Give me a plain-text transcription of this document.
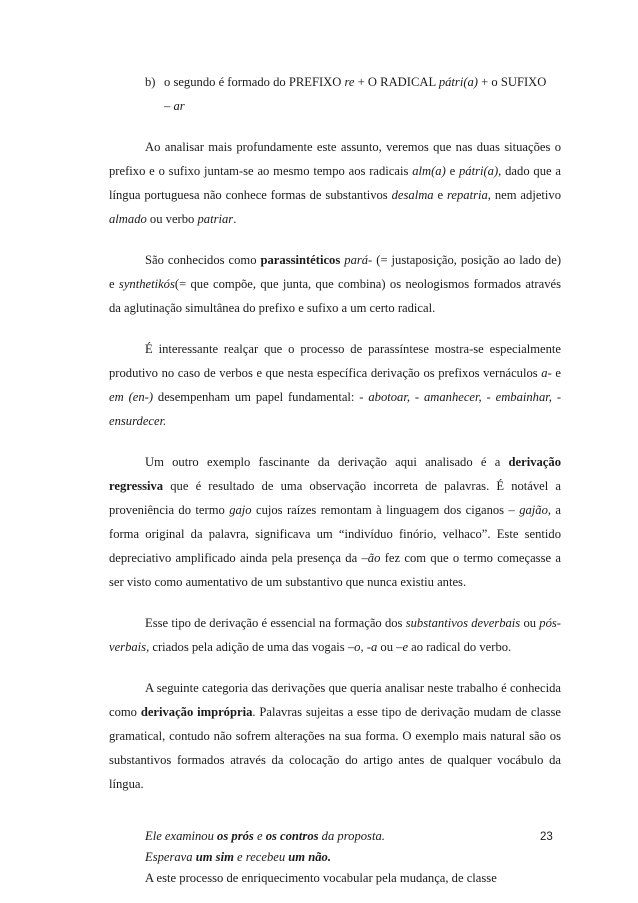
b) o segundo é formado do PREFIXO re + O RADICAL pátri(a) + o SUFIXO
– ar

Ao analisar mais profundamente este assunto, veremos que nas duas situações o prefixo e o sufixo juntam-se ao mesmo tempo aos radicais alm(a) e pátri(a), dado que a língua portuguesa não conhece formas de substantivos desalma e repatria, nem adjetivo almado ou verbo patriar.

São conhecidos como parassintéticos pará- (= justaposição, posição ao lado de) e synthetikós(= que compõe, que junta, que combina) os neologismos formados através da aglutinação simultânea do prefixo e sufixo a um certo radical.

É interessante realçar que o processo de parassíntese mostra-se especialmente produtivo no caso de verbos e que nesta específica derivação os prefixos vernáculos a- e em (en-) desempenham um papel fundamental: - abotoar, - amanhecer, - embainhar, - ensurdecer.

Um outro exemplo fascinante da derivação aqui analisado é a derivação regressiva que é resultado de uma observação incorreta de palavras. É notável a proveniência do termo gajo cujos raízes remontam à linguagem dos ciganos – gajão, a forma original da palavra, significava um “indivíduo finório, velhaco”. Este sentido depreciativo amplificado ainda pela presença da –ão fez com que o termo começasse a ser visto como aumentativo de um substantivo que nunca existiu antes.

Esse tipo de derivação é essencial na formação dos substantivos deverbais ou pós-verbais, criados pela adição de uma das vogais –o, -a ou –e ao radical do verbo.

A seguinte categoria das derivações que queria analisar neste trabalho é conhecida como derivação imprópria. Palavras sujeitas a esse tipo de derivação mudam de classe gramatical, contudo não sofrem alterações na sua forma. O exemplo mais natural são os substantivos formados através da colocação do artigo antes de qualquer vocábulo da língua.

Ele examinou os prós e os contros da proposta.
Esperava um sim e recebeu um não.
A este processo de enriquecimento vocabular pela mudança, de classe
23
